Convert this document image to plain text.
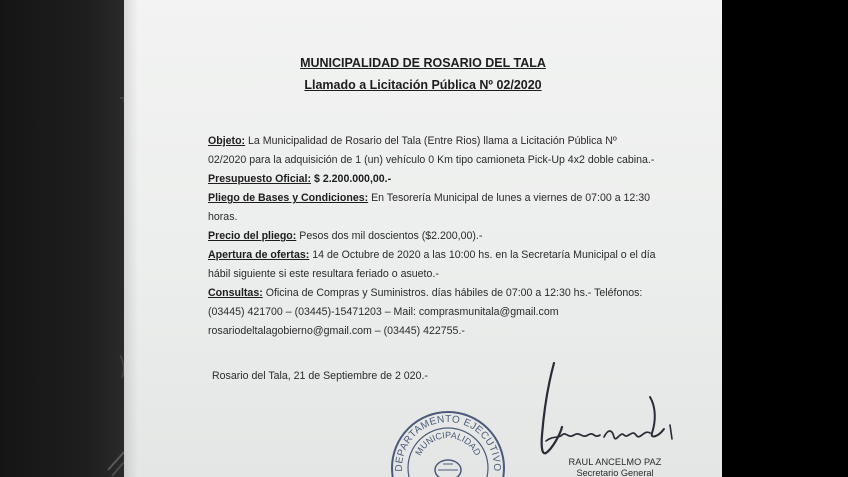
MUNICIPALIDAD DE ROSARIO DEL TALA
Llamado a Licitación Pública Nº 02/2020

Objeto: La Municipalidad de Rosario del Tala (Entre Rios) llama a Licitación Pública Nº
02/2020 para la adquisición de 1 (un) vehículo 0 Km tipo camioneta Pick-Up 4x2 doble cabina.-

Presupuesto Oficial: $ 2.200.000,00.-

Pliego de Bases y Condiciones: En Tesorería Municipal de lunes a viernes de 07:00 a 12:30
horas.

Precio del pliego: Pesos dos mil doscientos ($2.200,00).-

Apertura de ofertas: 14 de Octubre de 2020 a las 10:00 hs. en la Secretaría Municipal o el día
hábil siguiente si este resultara feriado o asueto.-

Consultas: Oficina de Compras y Suministros. días hábiles de 07:00 a 12:30 hs.- Teléfonos:
(03445) 421700 – (03445)-15471203 – Mail: comprasmunitala@gmail.com
rosariodeltalagobierno@gmail.com – (03445) 422755.-

Rosario del Tala, 21 de Septiembre de 2 020.-
DEPARTAMENTO EJECUTIVO
MUNICIPALIDAD
RAUL ANCELMO PAZ
Secretario General
